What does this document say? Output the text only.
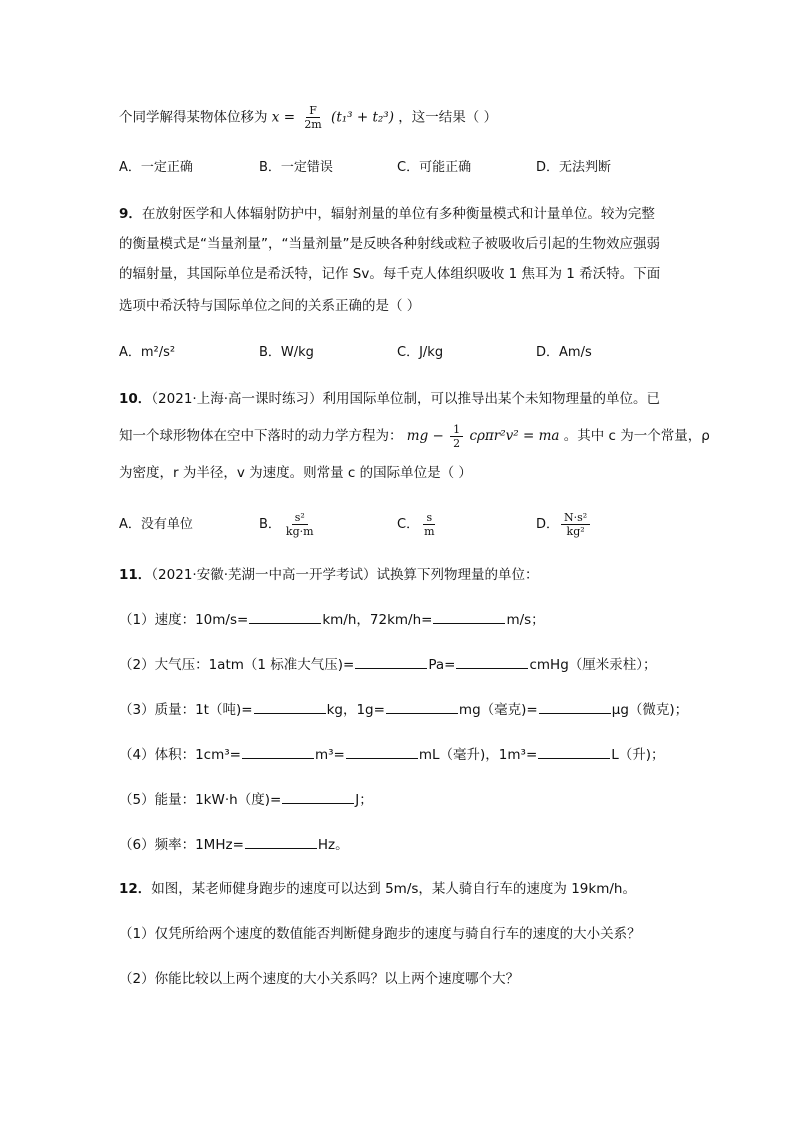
个同学解得某物体位移为 $x = \frac{F}{2m} (t_1^3 + t_2^3)$ ，这一结果（ ）
A．一定正确	B．一定错误	C．可能正确	D．无法判断
9．在放射医学和人体辐射防护中，辐射剂量的单位有多种衡量模式和计量单位。较为完整
的衡量模式是“当量剂量”，“当量剂量”是反映各种射线或粒子被吸收后引起的生物效应强弱
的辐射量，其国际单位是希沃特，记作 Sv。每千克人体组织吸收 1 焦耳为 1 希沃特。下面
选项中希沃特与国际单位之间的关系正确的是（ ）
A．m²/s²	B．W/kg	C．J/kg	D．Am/s
10．（2021·上海·高一课时练习）利用国际单位制，可以推导出某个未知物理量的单位。已
知一个球形物体在空中下落时的动力学方程为： mg − $\frac{1}{2} c\rho\pi r^2v^2$ = ma 。其中 c 为一个常量，ρ
为密度，r 为半径，v 为速度。则常量 c 的国际单位是（ ）
A．没有单位	B． $\frac{\text{s²}}{kg\cdot m}$	C． $\frac{s}{m}$	D． $\frac{\text{N·s²}}{\text{kg²}}$
11．（2021·安徽·芜湖一中高一开学考试）试换算下列物理量的单位：
（1）速度：10m/s=	km/h，72km/h=	m/s；
（2）大气压：1atm（1 标准大气压)=	Pa=	cmHg（厘米汞柱）；
（3）质量：1t（吨)=	kg，1g=	mg（毫克)=	μg（微克)；
（4）体积：1cm³=	m³=	mL（毫升)，1m³=	L（升)；
（5）能量：1kW·h（度)=	J；
（6）频率：1MHz=	Hz。
12．如图，某老师健身跑步的速度可以达到 5m/s，某人骑自行车的速度为 19km/h。
（1）仅凭所给两个速度的数值能否判断健身跑步的速度与骑自行车的速度的大小关系？
（2）你能比较以上两个速度的大小关系吗？以上两个速度哪个大？
